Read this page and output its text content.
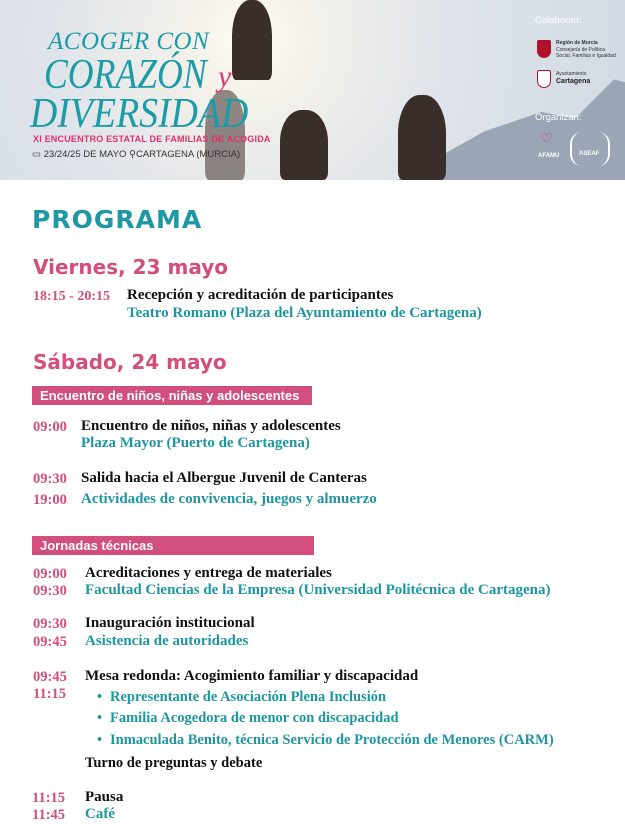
ACOGER CON
CORAZÓN y
DIVERSIDAD
XI ENCUENTRO ESTATAL DE FAMILIAS DE ACOGIDA
▭ 23/24/25 DE MAYO ⚲CARTAGENA (MURCIA)
Colaboran:
Región de Murcia
Consejería de Política Social, Familias e Igualdad
Ayuntamiento
Cartagena
Organizan:
♡
AFAMU	ASEAF
PROGRAMA
Viernes, 23 mayo
18:15 - 20:15 Recepción y acreditación de participantes
Teatro Romano (Plaza del Ayuntamiento de Cartagena)
Sábado, 24 mayo
Encuentro de niños, niñas y adolescentes
09:00 Encuentro de niños, niñas y adolescentes
Plaza Mayor (Puerto de Cartagena)
09:30
19:00
Salida hacia el Albergue Juvenil de Canteras
Actividades de convivencia, juegos y almuerzo
Jornadas técnicas
09:00
09:30
Acreditaciones y entrega de materiales
Facultad Ciencias de la Empresa (Universidad Politécnica de Cartagena)
09:30
09:45
Inauguración institucional
Asistencia de autoridades
09:45
11:15
Mesa redonda: Acogimiento familiar y discapacidad
• Representante de Asociación Plena Inclusión
• Familia Acogedora de menor con discapacidad
• Inmaculada Benito, técnica Servicio de Protección de Menores (CARM)
Turno de preguntas y debate
11:15
11:45
Pausa
Café
